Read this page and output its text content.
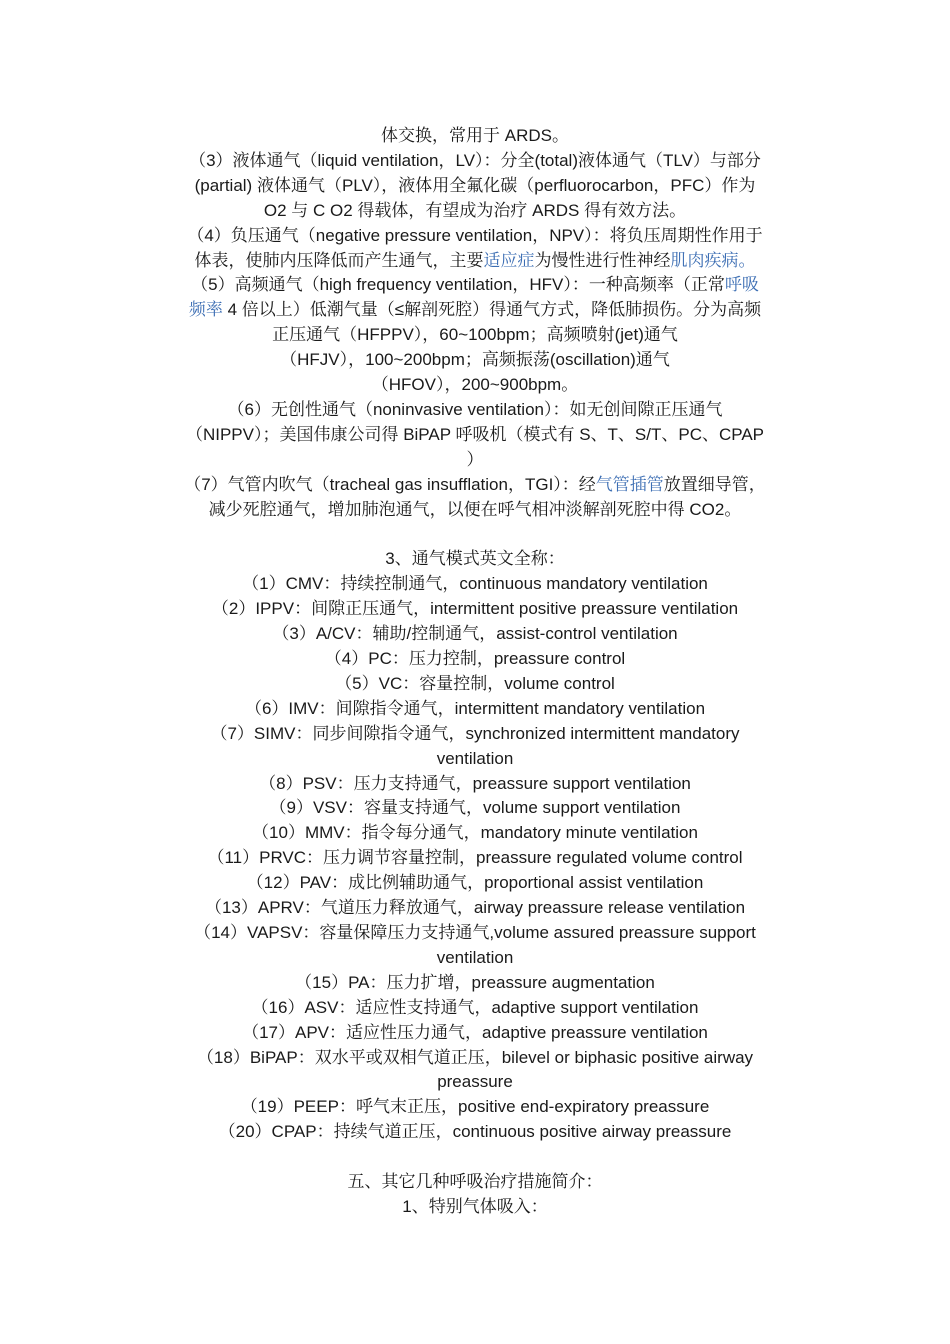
体交换，常用于 ARDS。

（3）液体通气（liquid ventilation，LV）：分全(total)液体通气（TLV）与部分

(partial) 液体通气（PLV），液体用全氟化碳（perfluorocarbon，PFC）作为

O2 与 C O2 得载体，有望成为治疗 ARDS 得有效方法。

（4）负压通气（negative pressure ventilation，NPV）：将负压周期性作用于

体表，使肺内压降低而产生通气，主要适应症为慢性进行性神经肌肉疾病。

（5）高频通气（high frequency ventilation，HFV）：一种高频率（正常呼吸

频率 4 倍以上）低潮气量（≤解剖死腔）得通气方式，降低肺损伤。分为高频

正压通气（HFPPV），60~100bpm；高频喷射(jet)通气

（HFJV），100~200bpm；高频振荡(oscillation)通气

（HFOV），200~900bpm。

（6）无创性通气（noninvasive ventilation）：如无创间隙正压通气

（NIPPV）；美国伟康公司得 BiPAP 呼吸机（模式有 S、T、S/T、PC、CPAP

）

（7）气管内吹气（tracheal gas insufflation，TGI）：经气管插管放置细导管，

减少死腔通气，增加肺泡通气，以便在呼气相冲淡解剖死腔中得 CO2。

3、通气模式英文全称：

（1）CMV：持续控制通气，continuous mandatory ventilation

（2）IPPV：间隙正压通气，intermittent positive preassure ventilation

（3）A/CV：辅助/控制通气，assist-control ventilation

（4）PC：压力控制，preassure control

（5）VC：容量控制，volume control

（6）IMV：间隙指令通气，intermittent mandatory ventilation

（7）SIMV：同步间隙指令通气，synchronized intermittent mandatory

ventilation

（8）PSV：压力支持通气，preassure support ventilation

（9）VSV：容量支持通气，volume support ventilation

（10）MMV：指令每分通气，mandatory minute ventilation

（11）PRVC：压力调节容量控制，preassure regulated volume control

（12）PAV：成比例辅助通气，proportional assist ventilation

（13）APRV：气道压力释放通气，airway preassure release ventilation

（14）VAPSV：容量保障压力支持通气,volume assured preassure support

ventilation

（15）PA：压力扩增，preassure augmentation

（16）ASV：适应性支持通气，adaptive support ventilation

（17）APV：适应性压力通气，adaptive preassure ventilation

（18）BiPAP：双水平或双相气道正压，bilevel or biphasic positive airway

preassure

（19）PEEP：呼气末正压，positive end-expiratory preassure

（20）CPAP：持续气道正压，continuous positive airway preassure

五、其它几种呼吸治疗措施简介：

1、特别气体吸入：
